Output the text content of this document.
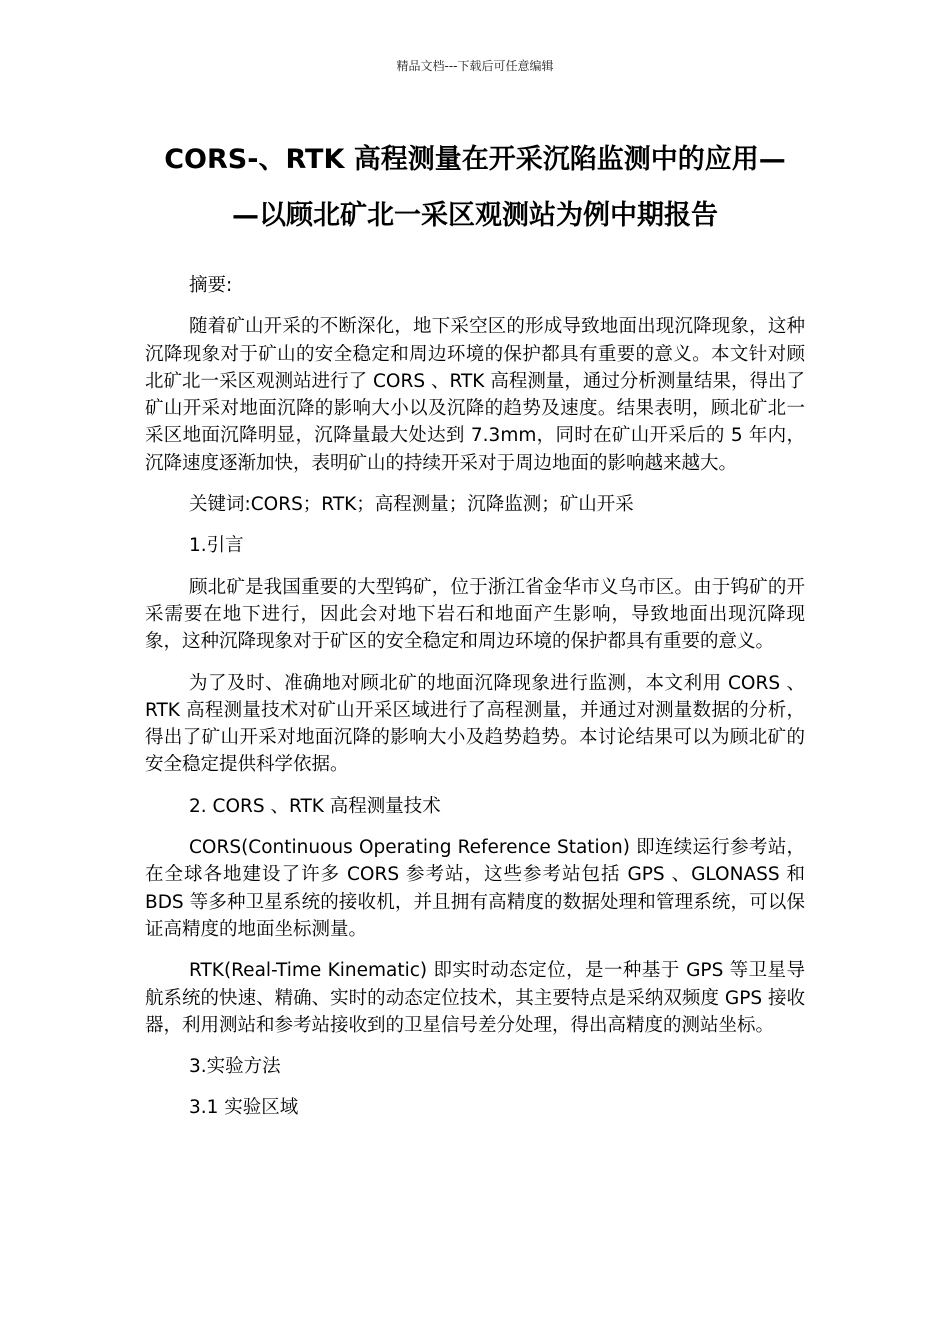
精品文档---下载后可任意编辑
CORS-、RTK 高程测量在开采沉陷监测中的应用—
—以顾北矿北一采区观测站为例中期报告

摘要:

随着矿山开采的不断深化，地下采空区的形成导致地面出现沉降现象，这种沉降现象对于矿山的安全稳定和周边环境的保护都具有重要的意义。本文针对顾北矿北一采区观测站进行了 CORS 、RTK 高程测量，通过分析测量结果，得出了矿山开采对地面沉降的影响大小以及沉降的趋势及速度。结果表明，顾北矿北一采区地面沉降明显，沉降量最大处达到 7.3mm，同时在矿山开采后的 5 年内，沉降速度逐渐加快，表明矿山的持续开采对于周边地面的影响越来越大。

关键词:CORS；RTK；高程测量；沉降监测；矿山开采

1.引言

顾北矿是我国重要的大型钨矿，位于浙江省金华市义乌市区。由于钨矿的开采需要在地下进行，因此会对地下岩石和地面产生影响，导致地面出现沉降现象，这种沉降现象对于矿区的安全稳定和周边环境的保护都具有重要的意义。

为了及时、准确地对顾北矿的地面沉降现象进行监测，本文利用 CORS 、RTK 高程测量技术对矿山开采区域进行了高程测量，并通过对测量数据的分析，得出了矿山开采对地面沉降的影响大小及趋势趋势。本讨论结果可以为顾北矿的安全稳定提供科学依据。

2. CORS 、RTK 高程测量技术

CORS(Continuous Operating Reference Station) 即连续运行参考站，在全球各地建设了许多 CORS 参考站，这些参考站包括 GPS 、GLONASS 和 BDS 等多种卫星系统的接收机，并且拥有高精度的数据处理和管理系统，可以保证高精度的地面坐标测量。

RTK(Real-Time Kinematic) 即实时动态定位，是一种基于 GPS 等卫星导航系统的快速、精确、实时的动态定位技术，其主要特点是采纳双频度 GPS 接收器，利用测站和参考站接收到的卫星信号差分处理，得出高精度的测站坐标。

3.实验方法

3.1 实验区域
